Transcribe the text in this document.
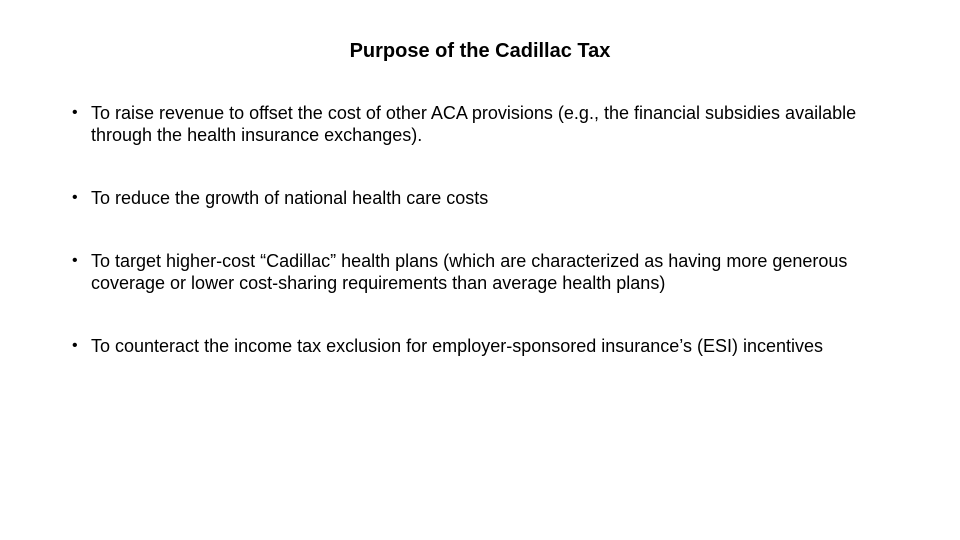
Purpose of the Cadillac Tax
• To raise revenue to offset the cost of other ACA provisions (e.g., the financial subsidies available through the health insurance exchanges).
• To reduce the growth of national health care costs
• To target higher-cost “Cadillac” health plans (which are characterized as having more generous coverage or lower cost-sharing requirements than average health plans)
• To counteract the income tax exclusion for employer-sponsored insurance’s (ESI) incentives
